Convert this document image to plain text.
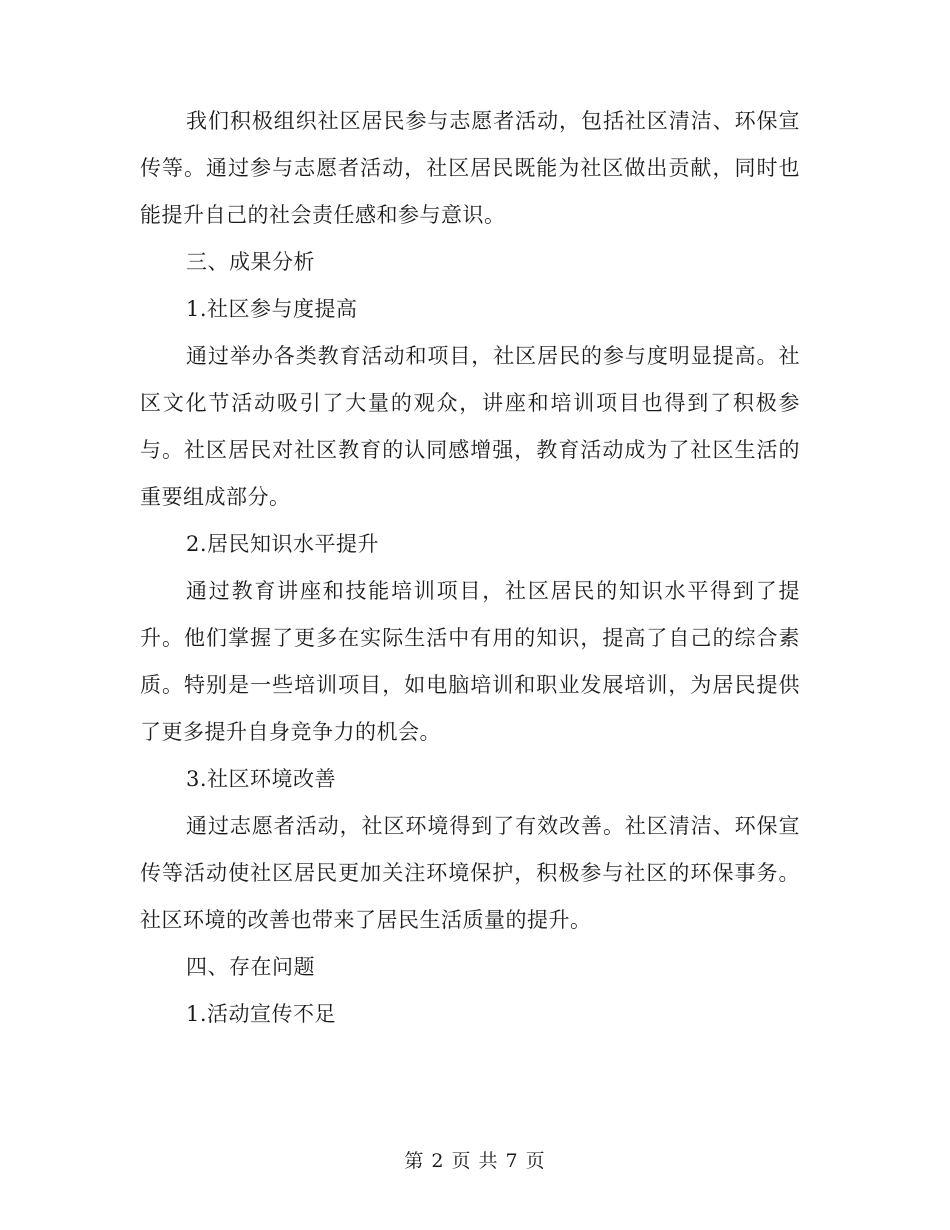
我们积极组织社区居民参与志愿者活动，包括社区清洁、环保宣传等。通过参与志愿者活动，社区居民既能为社区做出贡献，同时也能提升自己的社会责任感和参与意识。

三、成果分析

1.社区参与度提高

通过举办各类教育活动和项目，社区居民的参与度明显提高。社区文化节活动吸引了大量的观众，讲座和培训项目也得到了积极参与。社区居民对社区教育的认同感增强，教育活动成为了社区生活的重要组成部分。

2.居民知识水平提升

通过教育讲座和技能培训项目，社区居民的知识水平得到了提升。他们掌握了更多在实际生活中有用的知识，提高了自己的综合素质。特别是一些培训项目，如电脑培训和职业发展培训，为居民提供了更多提升自身竞争力的机会。

3.社区环境改善

通过志愿者活动，社区环境得到了有效改善。社区清洁、环保宣传等活动使社区居民更加关注环境保护，积极参与社区的环保事务。社区环境的改善也带来了居民生活质量的提升。

四、存在问题

1.活动宣传不足

第 2 页 共 7 页
